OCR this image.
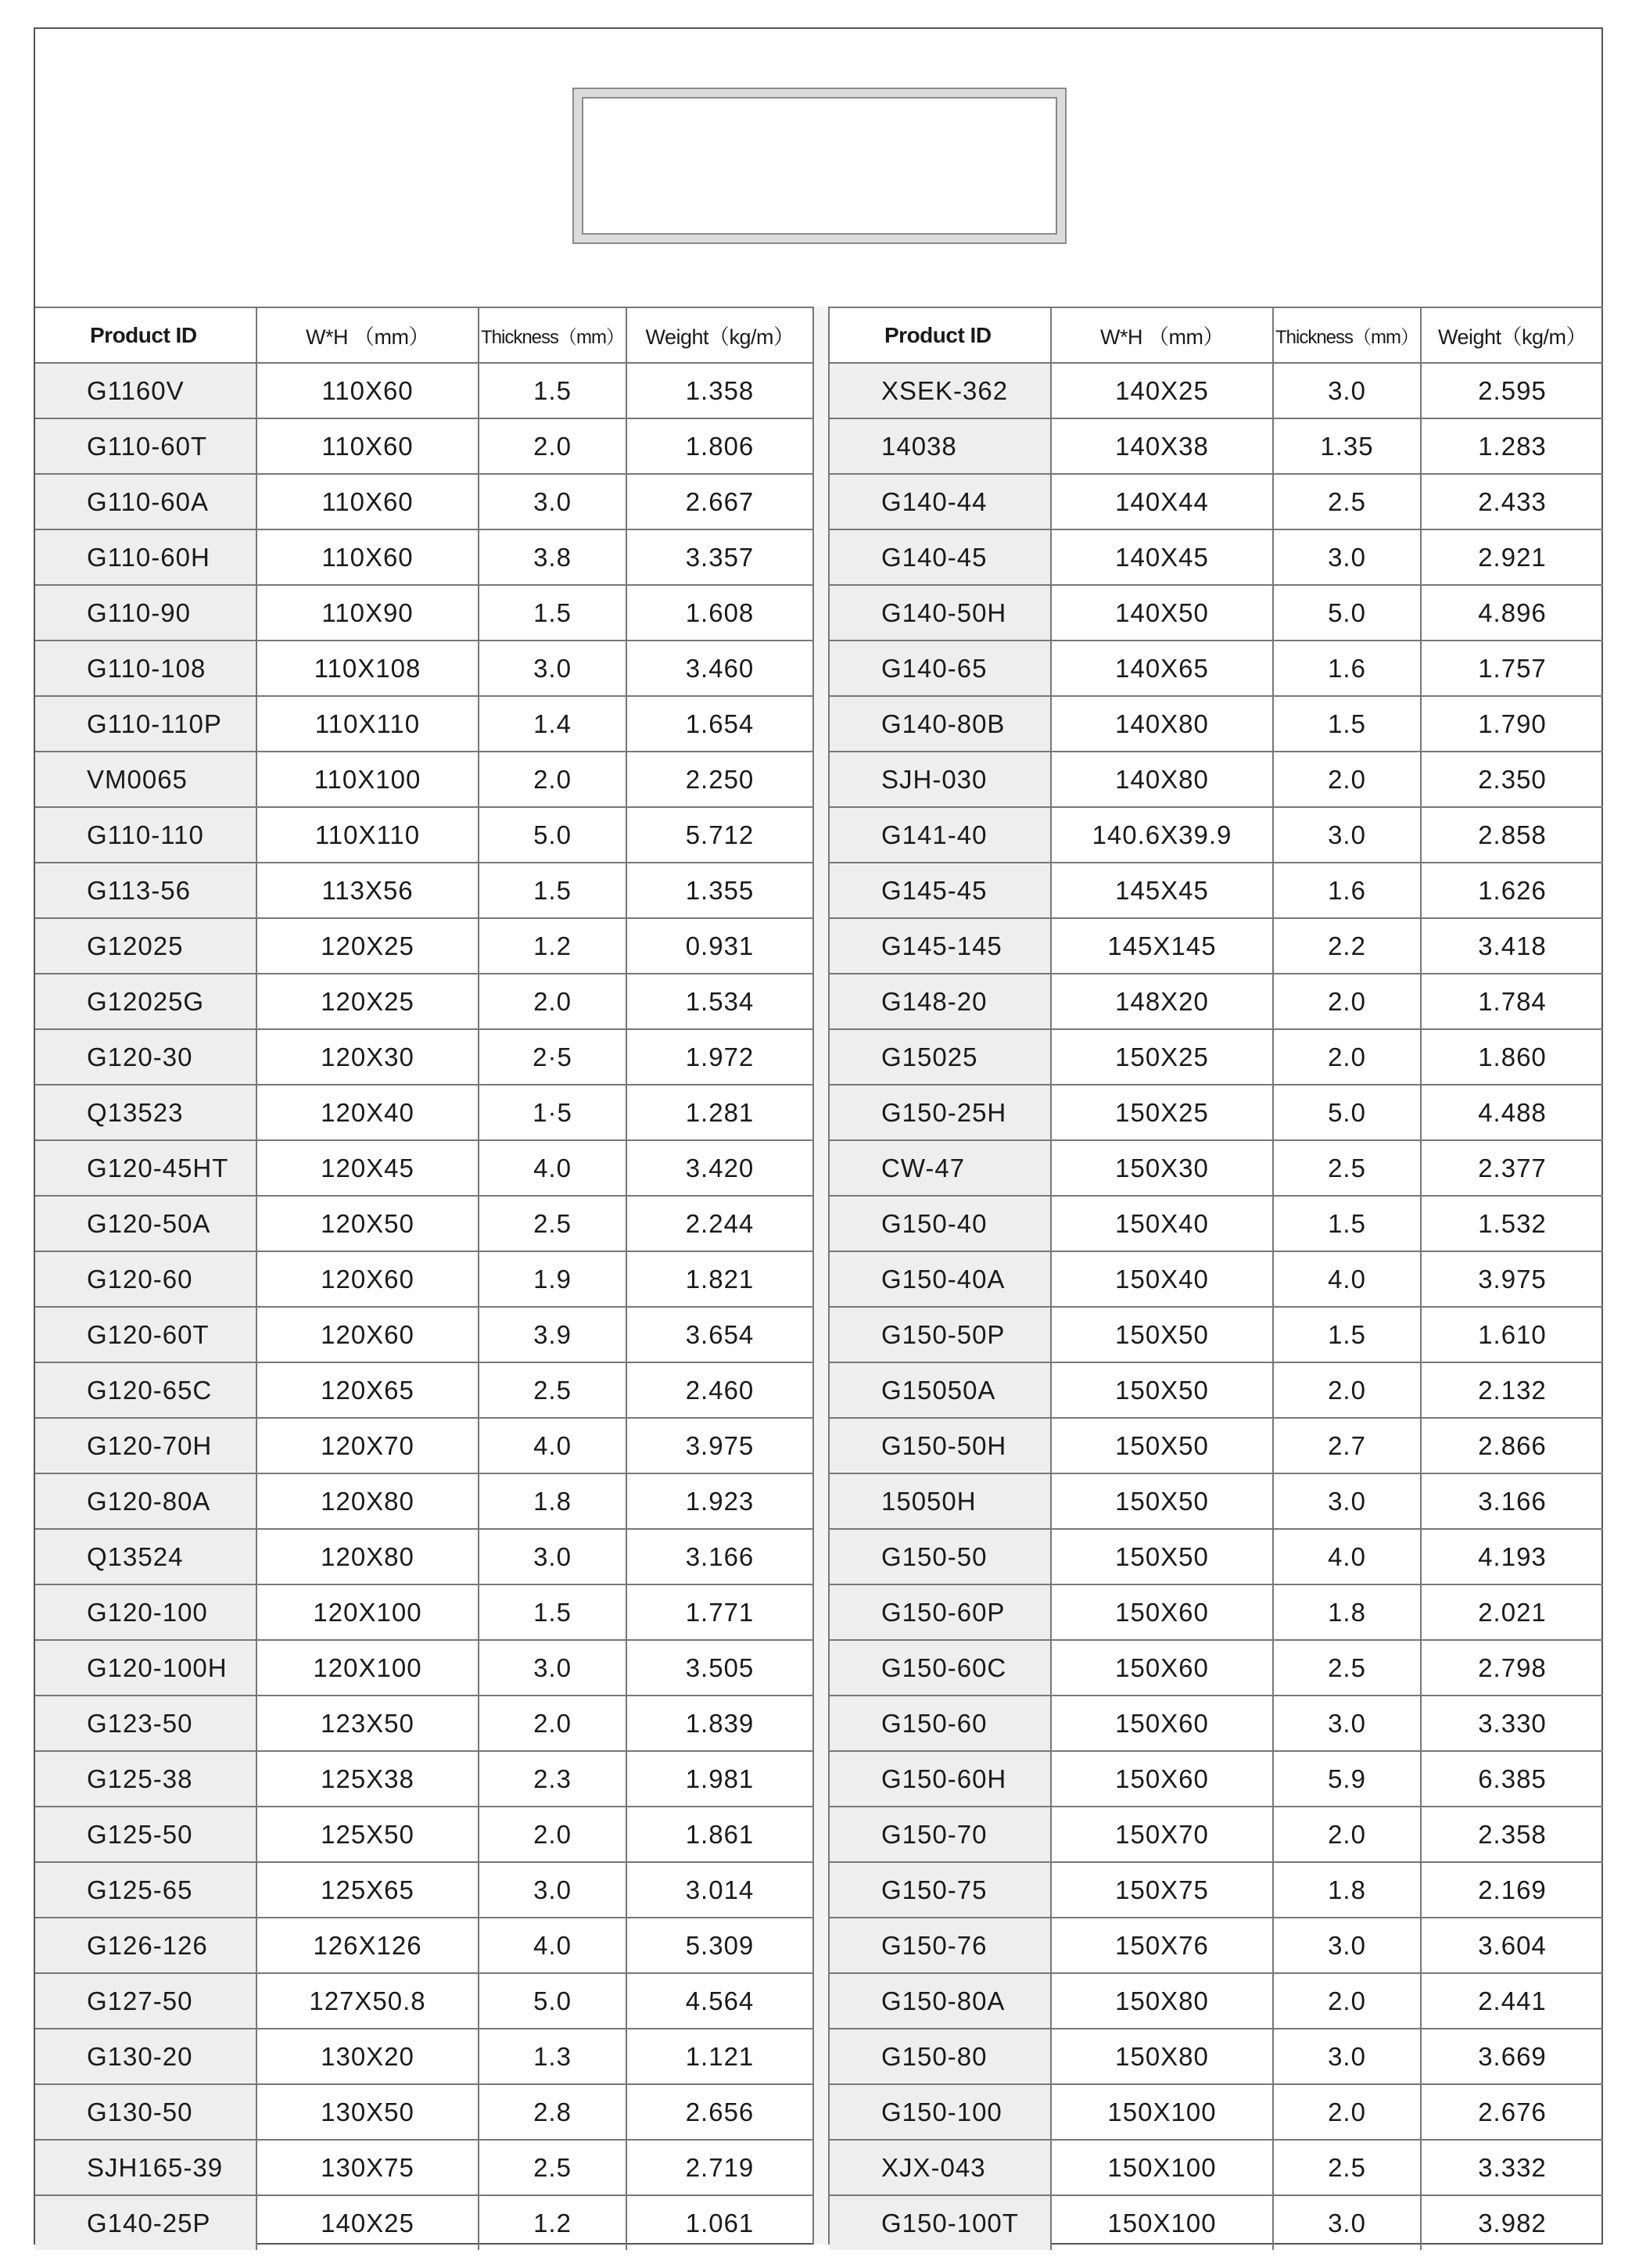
Product ID	W*H （mm）	Thickness（mm）	Weight（kg/m）
G1160V	110X60	1.5	1.358
G110-60T	110X60	2.0	1.806
G110-60A	110X60	3.0	2.667
G110-60H	110X60	3.8	3.357
G110-90	110X90	1.5	1.608
G110-108	110X108	3.0	3.460
G110-110P	110X110	1.4	1.654
VM0065	110X100	2.0	2.250
G110-110	110X110	5.0	5.712
G113-56	113X56	1.5	1.355
G12025	120X25	1.2	0.931
G12025G	120X25	2.0	1.534
G120-30	120X30	2·5	1.972
Q13523	120X40	1·5	1.281
G120-45HT	120X45	4.0	3.420
G120-50A	120X50	2.5	2.244
G120-60	120X60	1.9	1.821
G120-60T	120X60	3.9	3.654
G120-65C	120X65	2.5	2.460
G120-70H	120X70	4.0	3.975
G120-80A	120X80	1.8	1.923
Q13524	120X80	3.0	3.166
G120-100	120X100	1.5	1.771
G120-100H	120X100	3.0	3.505
G123-50	123X50	2.0	1.839
G125-38	125X38	2.3	1.981
G125-50	125X50	2.0	1.861
G125-65	125X65	3.0	3.014
G126-126	126X126	4.0	5.309
G127-50	127X50.8	5.0	4.564
G130-20	130X20	1.3	1.121
G130-50	130X50	2.8	2.656
SJH165-39	130X75	2.5	2.719
G140-25P	140X25	1.2	1.061
Product ID	W*H （mm）	Thickness（mm）	Weight（kg/m）
XSEK-362	140X25	3.0	2.595
14038	140X38	1.35	1.283
G140-44	140X44	2.5	2.433
G140-45	140X45	3.0	2.921
G140-50H	140X50	5.0	4.896
G140-65	140X65	1.6	1.757
G140-80B	140X80	1.5	1.790
SJH-030	140X80	2.0	2.350
G141-40	140.6X39.9	3.0	2.858
G145-45	145X45	1.6	1.626
G145-145	145X145	2.2	3.418
G148-20	148X20	2.0	1.784
G15025	150X25	2.0	1.860
G150-25H	150X25	5.0	4.488
CW-47	150X30	2.5	2.377
G150-40	150X40	1.5	1.532
G150-40A	150X40	4.0	3.975
G150-50P	150X50	1.5	1.610
G15050A	150X50	2.0	2.132
G150-50H	150X50	2.7	2.866
15050H	150X50	3.0	3.166
G150-50	150X50	4.0	4.193
G150-60P	150X60	1.8	2.021
G150-60C	150X60	2.5	2.798
G150-60	150X60	3.0	3.330
G150-60H	150X60	5.9	6.385
G150-70	150X70	2.0	2.358
G150-75	150X75	1.8	2.169
G150-76	150X76	3.0	3.604
G150-80A	150X80	2.0	2.441
G150-80	150X80	3.0	3.669
G150-100	150X100	2.0	2.676
XJX-043	150X100	2.5	3.332
G150-100T	150X100	3.0	3.982
